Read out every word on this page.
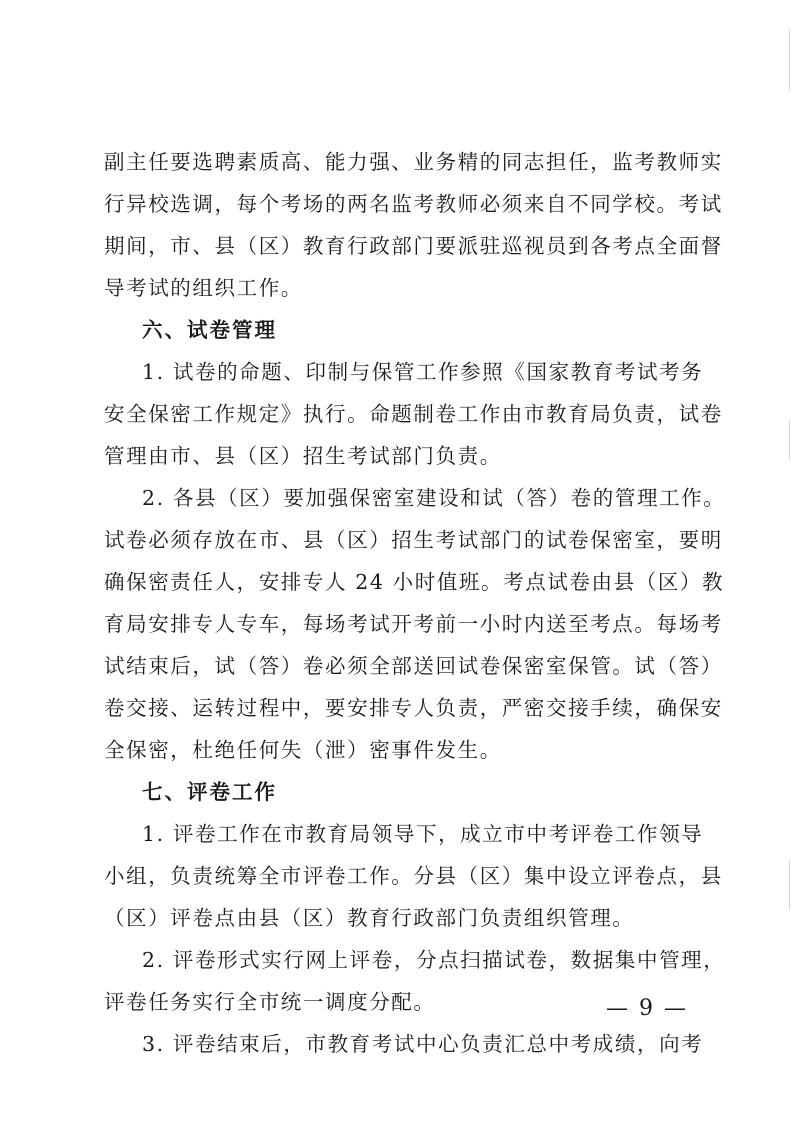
副主任要选聘素质高、能力强、业务精的同志担任，监考教师实
行异校选调，每个考场的两名监考教师必须来自不同学校。考试
期间，市、县（区）教育行政部门要派驻巡视员到各考点全面督
导考试的组织工作。
六、试卷管理
1. 试卷的命题、印制与保管工作参照《国家教育考试考务
安全保密工作规定》执行。命题制卷工作由市教育局负责，试卷
管理由市、县（区）招生考试部门负责。
2. 各县（区）要加强保密室建设和试（答）卷的管理工作。
试卷必须存放在市、县（区）招生考试部门的试卷保密室，要明
确保密责任人，安排专人 24 小时值班。考点试卷由县（区）教
育局安排专人专车，每场考试开考前一小时内送至考点。每场考
试结束后，试（答）卷必须全部送回试卷保密室保管。试（答）
卷交接、运转过程中，要安排专人负责，严密交接手续，确保安
全保密，杜绝任何失（泄）密事件发生。
七、评卷工作
1. 评卷工作在市教育局领导下，成立市中考评卷工作领导
小组，负责统筹全市评卷工作。分县（区）集中设立评卷点，县
（区）评卷点由县（区）教育行政部门负责组织管理。
2. 评卷形式实行网上评卷，分点扫描试卷，数据集中管理，
评卷任务实行全市统一调度分配。
3. 评卷结束后，市教育考试中心负责汇总中考成绩，向考
— 9 —
